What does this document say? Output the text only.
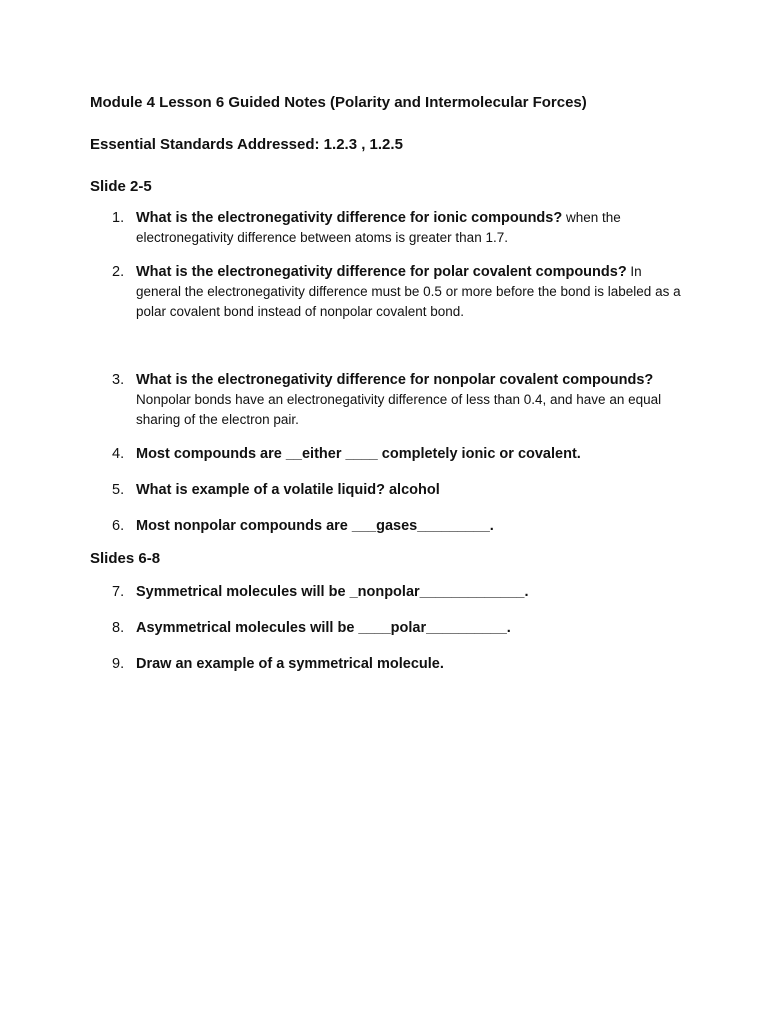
Module 4 Lesson 6 Guided Notes (Polarity and Intermolecular Forces)
Essential Standards Addressed: 1.2.3 , 1.2.5
Slide 2-5
1. What is the electronegativity difference for ionic compounds? when the electronegativity difference between atoms is greater than 1.7.
2. What is the electronegativity difference for polar covalent compounds? In general the electronegativity difference must be 0.5 or more before the bond is labeled as a polar covalent bond instead of nonpolar covalent bond.
3. What is the electronegativity difference for nonpolar covalent compounds? Nonpolar bonds have an electronegativity difference of less than 0.4, and have an equal sharing of the electron pair.
4. Most compounds are __either ____ completely ionic or covalent.
5. What is example of a volatile liquid? alcohol
6. Most nonpolar compounds are ___gases_________.
Slides 6-8
7. Symmetrical molecules will be _nonpolar_____________.
8. Asymmetrical molecules will be ____polar__________.
9. Draw an example of a symmetrical molecule.
